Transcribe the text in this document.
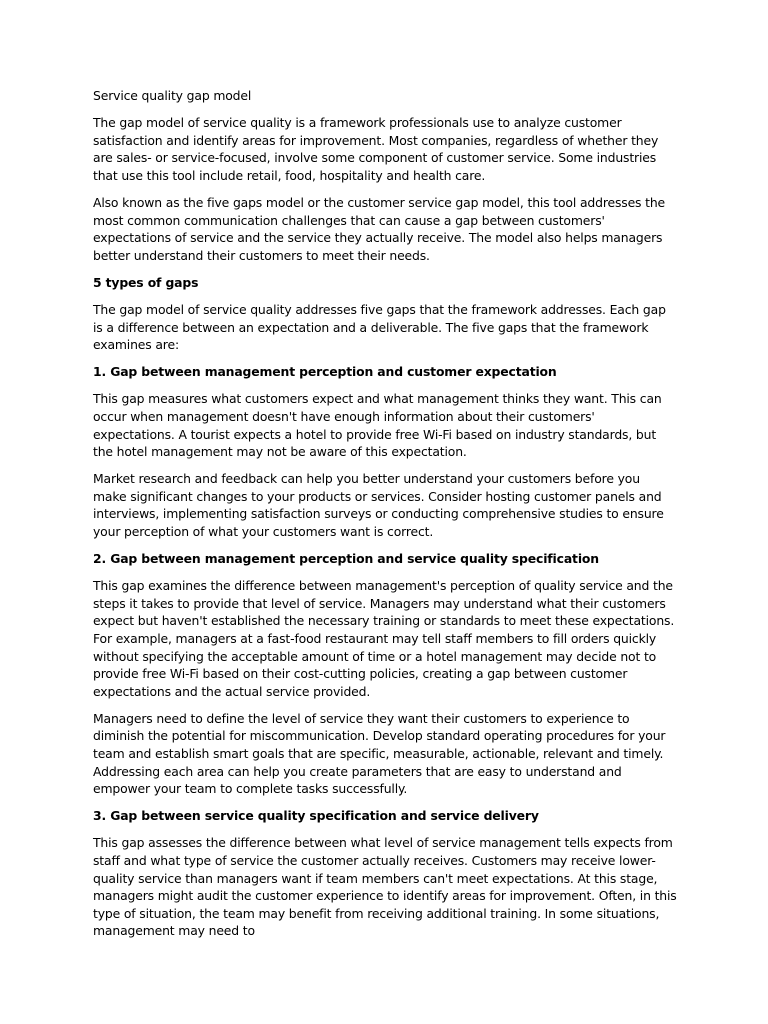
Service quality gap model

The gap model of service quality is a framework professionals use to analyze customer satisfaction and identify areas for improvement. Most companies, regardless of whether they are sales- or service-focused, involve some component of customer service. Some industries that use this tool include retail, food, hospitality and health care.

Also known as the five gaps model or the customer service gap model, this tool addresses the most common communication challenges that can cause a gap between customers' expectations of service and the service they actually receive. The model also helps managers better understand their customers to meet their needs.

5 types of gaps

The gap model of service quality addresses five gaps that the framework addresses. Each gap is a difference between an expectation and a deliverable. The five gaps that the framework examines are:

1. Gap between management perception and customer expectation

This gap measures what customers expect and what management thinks they want. This can occur when management doesn't have enough information about their customers' expectations. A tourist expects a hotel to provide free Wi-Fi based on industry standards, but the hotel management may not be aware of this expectation.

Market research and feedback can help you better understand your customers before you make significant changes to your products or services. Consider hosting customer panels and interviews, implementing satisfaction surveys or conducting comprehensive studies to ensure your perception of what your customers want is correct.

2. Gap between management perception and service quality specification

This gap examines the difference between management's perception of quality service and the steps it takes to provide that level of service. Managers may understand what their customers expect but haven't established the necessary training or standards to meet these expectations. For example, managers at a fast-food restaurant may tell staff members to fill orders quickly without specifying the acceptable amount of time or a hotel management may decide not to provide free Wi-Fi based on their cost-cutting policies, creating a gap between customer expectations and the actual service provided.

Managers need to define the level of service they want their customers to experience to diminish the potential for miscommunication. Develop standard operating procedures for your team and establish smart goals that are specific, measurable, actionable, relevant and timely. Addressing each area can help you create parameters that are easy to understand and empower your team to complete tasks successfully.

3. Gap between service quality specification and service delivery

This gap assesses the difference between what level of service management tells expects from staff and what type of service the customer actually receives. Customers may receive lower-quality service than managers want if team members can't meet expectations. At this stage, managers might audit the customer experience to identify areas for improvement. Often, in this type of situation, the team may benefit from receiving additional training. In some situations, management may need to
